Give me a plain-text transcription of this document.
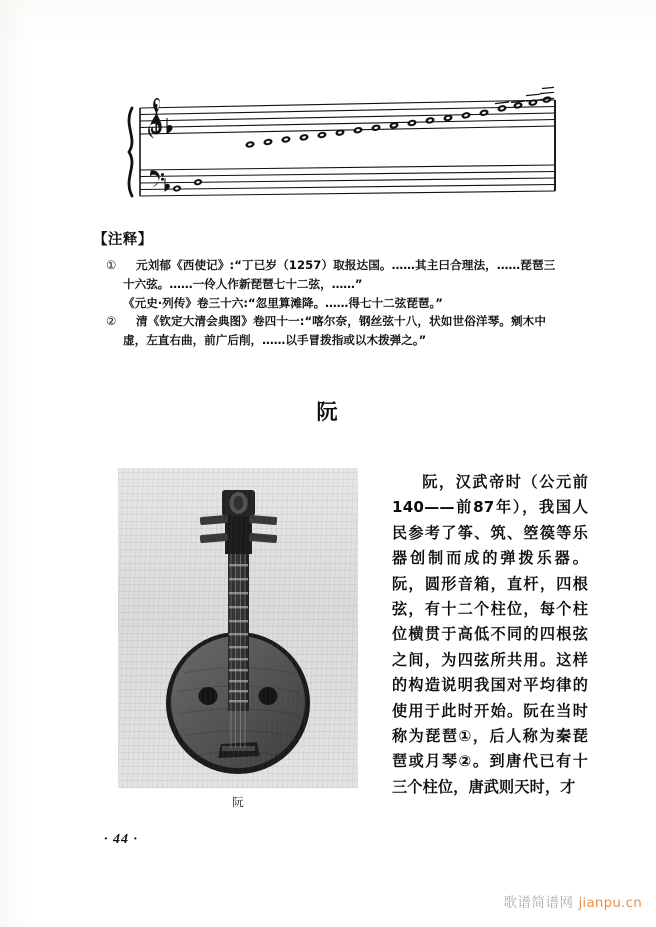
【注释】
①	元刘郁《西使记》:“丁已岁（1257）取报达国。……其主曰合理法，……琵琶三
十六弦。……一伶人作新琵琶七十二弦，……”
《元史·列传》卷三十六:“忽里算滩降。……得七十二弦琵琶。”
②	清《钦定大清会典图》卷四十一:“喀尔奈，钢丝弦十八，状如世俗洋琴。剜木中
虚，左直右曲，前广后削，……以手冒拨指或以木拨弹之。”
阮
阮

阮，汉武帝时（公元前140——前87年），我国人民参考了筝、筑、箜篌等乐器创制而成的弹拨乐器。阮，圆形音箱，直杆，四根弦，有十二个柱位，每个柱位横贯于高低不同的四根弦之间，为四弦所共用。这样的构造说明我国对平均律的使用于此时开始。阮在当时称为琵琶①，后人称为秦琵琶或月琴②。到唐代已有十三个柱位，唐武则天时，才

· 44 ·
歌谱简谱网 jianpu.cn
